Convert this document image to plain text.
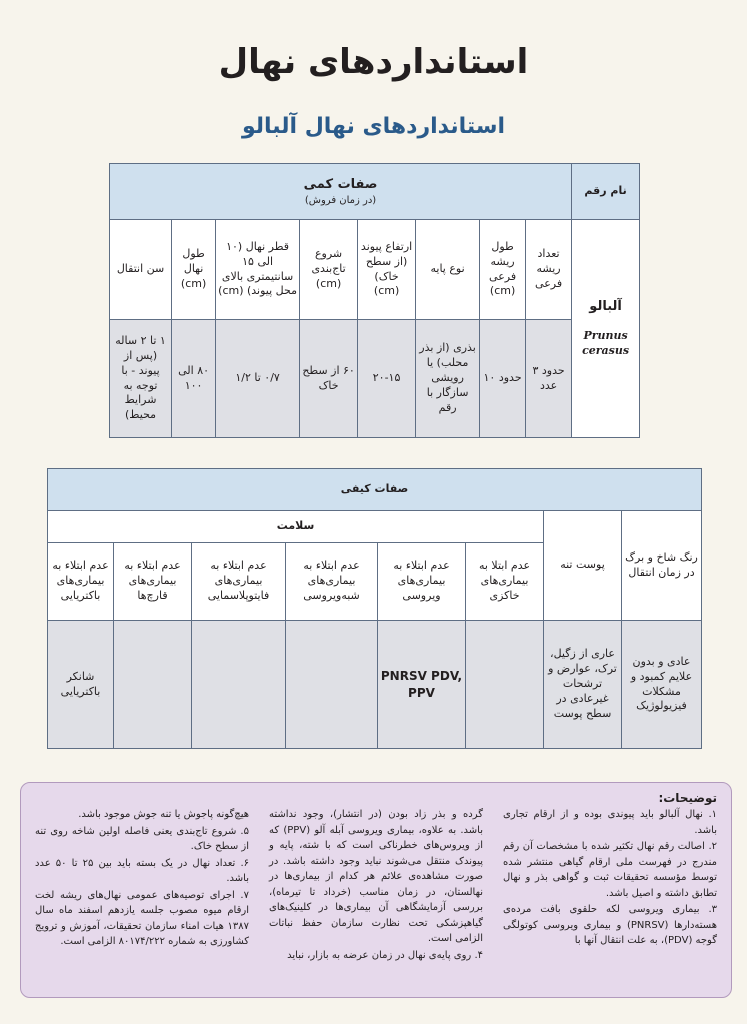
استانداردهای نهال
استانداردهای نهال آلبالو
نام رقم	صفات کمی
(در زمان فروش)							

آلبالو
Prunus cerasus	تعداد ریشه فرعی	طول ریشه فرعی (cm)	نوع پایه	ارتفاع پیوند (از سطح خاک) (cm)	شروع تاج‌بندی (cm)	قطر نهال (۱۰ الی ۱۵ سانتیمتری بالای محل پیوند) (cm)	طول نهال (cm)	سن انتقال
	حدود ۳ عدد	حدود ۱۰	بذری (از بذر محلب) یا رویشی سازگار با رقم	۲۰-۱۵	۶۰ از سطح خاک	۰/۷ تا ۱/۲	۸۰ الی ۱۰۰	۱ تا ۲ ساله (پس از پیوند - با توجه به شرایط محیط)
صفات کیفی							
رنگ شاخ و برگ در زمان انتقال	پوست تنه	سلامت					
		عدم ابتلا به بیماری‌های خاکزی	عدم ابتلاء به بیماری‌های ویروسی	عدم ابتلاء به بیماری‌های شبه‌ویروسی	عدم ابتلاء به بیماری‌های فایتوپلاسمایی	عدم ابتلاء به بیماری‌های قارچ‌ها	عدم ابتلاء به بیماری‌های باکتریایی
عادی و بدون علایم کمبود و مشکلات فیزیولوژیک	عاری از زگیل، ترک، عوارض و ترشحات غیرعادی در سطح پوست		PNRSV PDV, PPV				شانکر باکتریایی
توضیحات:

۱. نهال آلبالو باید پیوندی بوده و از ارقام تجاری باشد.

۲. اصالت رقم نهال تکثیر شده با مشخصات آن رقم مندرج در فهرست ملی ارقام گیاهی منتشر شده توسط مؤسسه تحقیقات ثبت و گواهی بذر و نهال تطابق داشته و اصیل باشد.

۳. بیماری ویروسی لکه حلقوی بافت مرده‌ی هسته‌دارها (PNRSV) و بیماری ویروسی کوتولگی گوجه (PDV)، به علت انتقال آنها با

گرده و بذر زاد بودن (در انتشار)، وجود نداشته باشد. به علاوه، بیماری ویروسی آبله آلو (PPV) که از ویروس‌های خطرناکی است که با شته، پایه و پیوندک منتقل می‌شوند نباید وجود داشته باشد. در صورت مشاهده‌ی علائم هر کدام از بیماری‌ها در نهالستان، در زمان مناسب (خرداد تا تیرماه)، بررسی آزمایشگاهی آن بیماری‌ها در کلینیک‌های گیاهپزشکی تحت نظارت سازمان حفظ نباتات الزامی است.

۴. روی پایه‌ی نهال در زمان عرضه به بازار، نباید

هیچ‌گونه پاجوش یا تنه جوش موجود باشد.

۵. شروع تاج‌بندی یعنی فاصله اولین شاخه روی تنه از سطح خاک.

۶. تعداد نهال در یک بسته باید بین ۲۵ تا ۵۰ عدد باشد.

۷. اجرای توصیه‌های عمومی نهال‌های ریشه لخت ارقام میوه مصوب جلسه یازدهم اسفند ماه سال ۱۳۸۷ هیات امناء سازمان تحقیقات، آموزش و ترویج کشاورزی به شماره ۸۰۱۷۴/۲۲۲ الزامی است.
